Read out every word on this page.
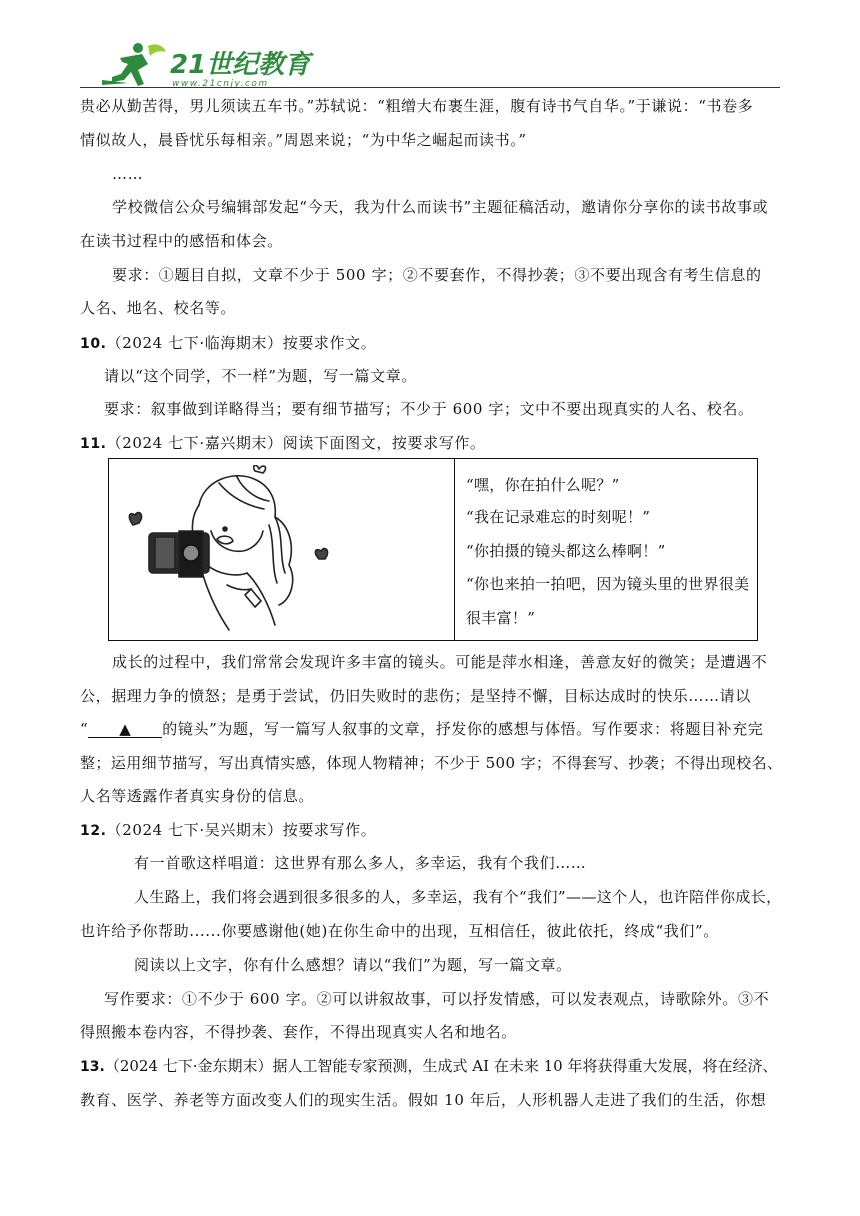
21世纪教育
www.21cnjy.com
贵必从勤苦得，男儿须读五车书。”苏轼说：“粗缯大布裹生涯，腹有诗书气自华。”于谦说：“书卷多
情似故人，晨昏忧乐每相亲。”周恩来说；“为中华之崛起而读书。”
……
学校微信公众号编辑部发起“今天，我为什么而读书”主题征稿活动，邀请你分享你的读书故事或
在读书过程中的感悟和体会。
要求：①题目自拟，文章不少于 500 字；②不要套作，不得抄袭；③不要出现含有考生信息的
人名、地名、校名等。
10.（2024 七下·临海期末）按要求作文。
请以“这个同学，不一样”为题，写一篇文章。
要求：叙事做到详略得当；要有细节描写；不少于 600 字；文中不要出现真实的人名、校名。
11.（2024 七下·嘉兴期末）阅读下面图文，按要求写作。
“嘿，你在拍什么呢？”
“我在记录难忘的时刻呢！”
“你拍摄的镜头都这么棒啊！”
“你也来拍一拍吧，因为镜头里的世界很美
很丰富！”
成长的过程中，我们常常会发现许多丰富的镜头。可能是萍水相逢，善意友好的微笑；是遭遇不
公，据理力争的愤怒；是勇于尝试，仍旧失败时的悲伤；是坚持不懈，目标达成时的快乐……请以
“ ▲ 的镜头”为题，写一篇写人叙事的文章，抒发你的感想与体悟。写作要求：将题目补充完
整；运用细节描写，写出真情实感，体现人物精神；不少于 500 字；不得套写、抄袭；不得出现校名、
人名等透露作者真实身份的信息。
12.（2024 七下·吴兴期末）按要求写作。
有一首歌这样唱道：这世界有那么多人，多幸运，我有个我们……
人生路上，我们将会遇到很多很多的人，多幸运，我有个“我们”——这个人，也许陪伴你成长，
也许给予你帮助......你要感谢他(她)在你生命中的出现，互相信任，彼此依托，终成“我们”。
阅读以上文字，你有什么感想？请以“我们”为题，写一篇文章。
写作要求：①不少于 600 字。②可以讲叙故事，可以抒发情感，可以发表观点，诗歌除外。③不
得照搬本卷内容，不得抄袭、套作，不得出现真实人名和地名。
13.（2024 七下·金东期末）据人工智能专家预测，生成式 AI 在未来 10 年将获得重大发展，将在经济、
教育、医学、养老等方面改变人们的现实生活。假如 10 年后，人形机器人走进了我们的生活，你想
